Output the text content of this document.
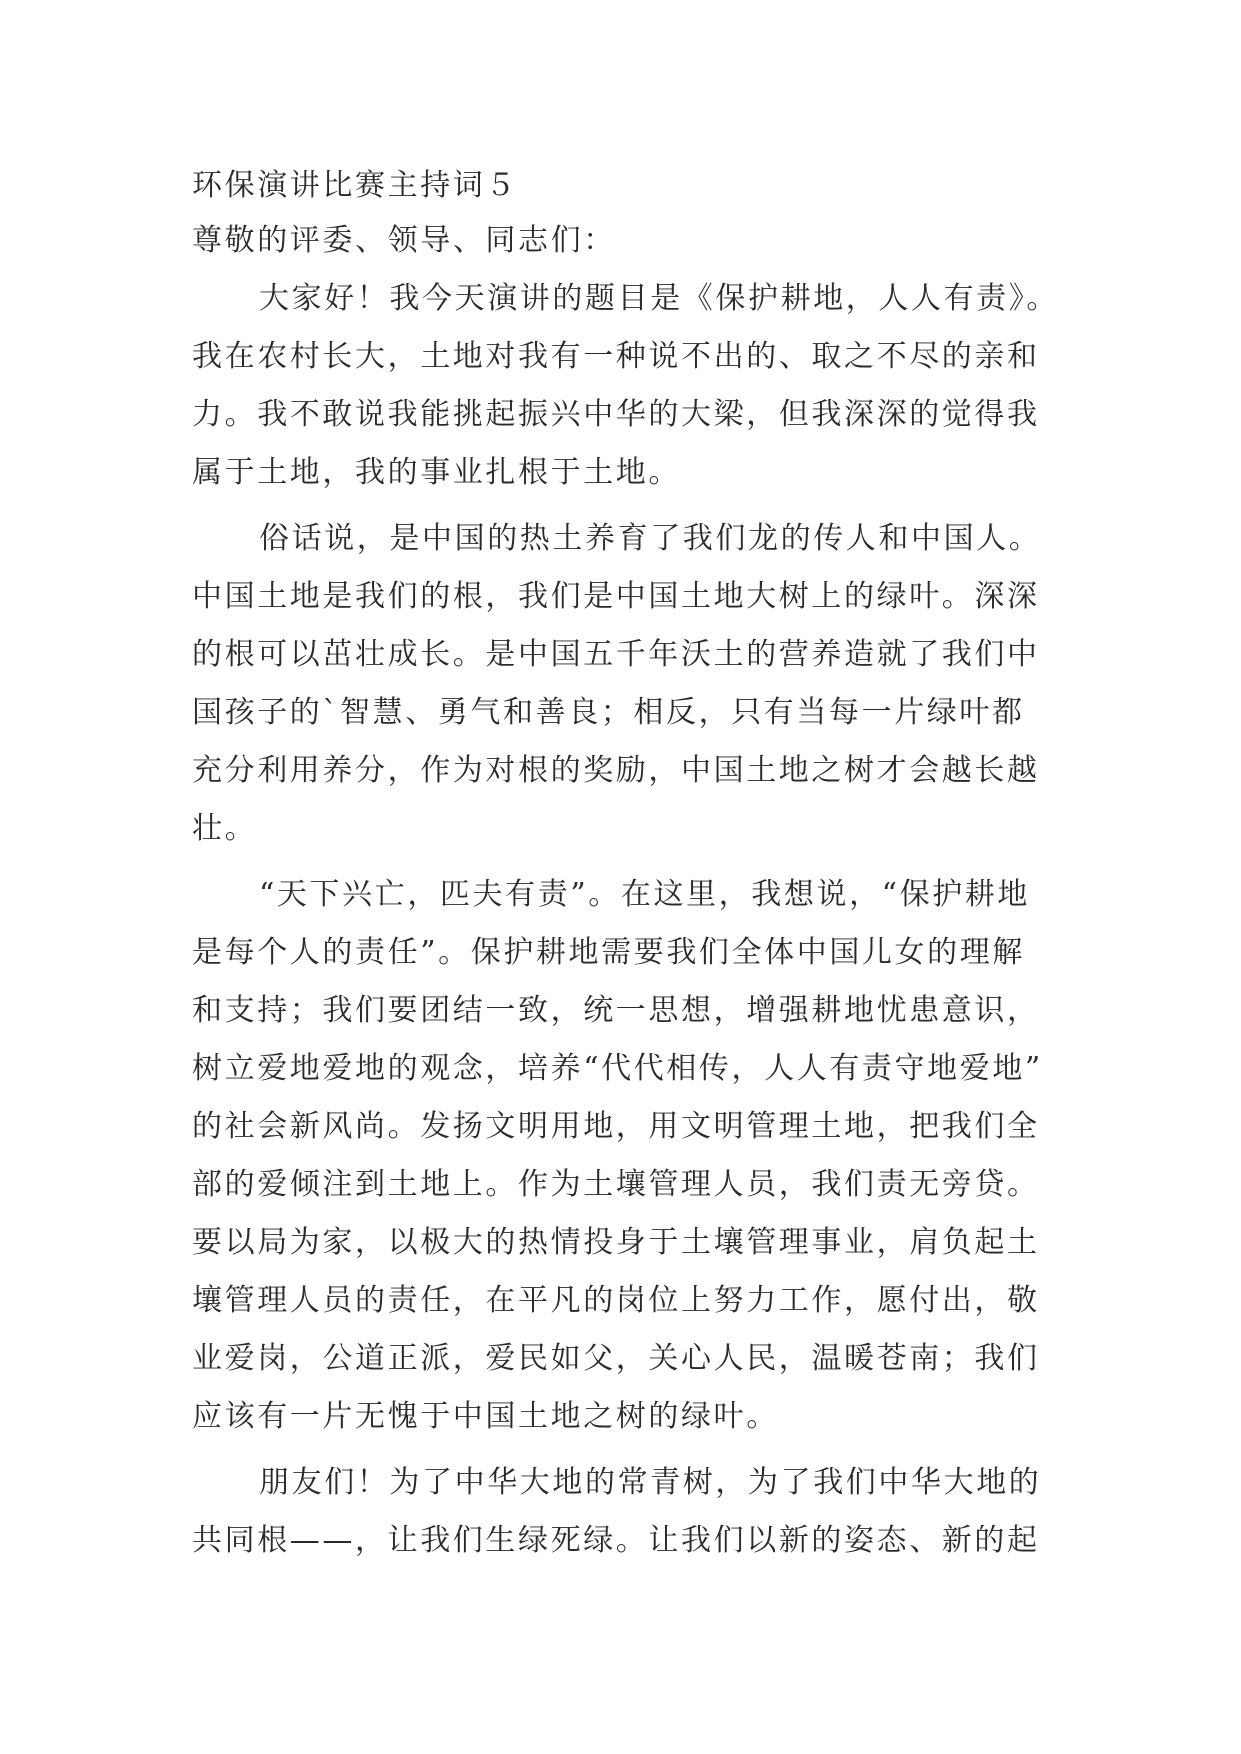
环保演讲比赛主持词５
尊敬的评委、领导、同志们：
大家好！我今天演讲的题目是《保护耕地，人人有责》。
我在农村长大，土地对我有一种说不出的、取之不尽的亲和
力。我不敢说我能挑起振兴中华的大梁，但我深深的觉得我
属于土地，我的事业扎根于土地。
俗话说，是中国的热土养育了我们龙的传人和中国人。
中国土地是我们的根，我们是中国土地大树上的绿叶。深深
的根可以茁壮成长。是中国五千年沃土的营养造就了我们中
国孩子的`智慧、勇气和善良；相反，只有当每一片绿叶都
充分利用养分，作为对根的奖励，中国土地之树才会越长越
壮。
“天下兴亡，匹夫有责”。在这里，我想说，“保护耕地
是每个人的责任”。保护耕地需要我们全体中国儿女的理解
和支持；我们要团结一致，统一思想，增强耕地忧患意识，
树立爱地爱地的观念，培养“代代相传，人人有责守地爱地”
的社会新风尚。发扬文明用地，用文明管理土地，把我们全
部的爱倾注到土地上。作为土壤管理人员，我们责无旁贷。
要以局为家，以极大的热情投身于土壤管理事业，肩负起土
壤管理人员的责任，在平凡的岗位上努力工作，愿付出，敬
业爱岗，公道正派，爱民如父，关心人民，温暖苍南；我们
应该有一片无愧于中国土地之树的绿叶。
朋友们！为了中华大地的常青树，为了我们中华大地的
共同根——，让我们生绿死绿。让我们以新的姿态、新的起
